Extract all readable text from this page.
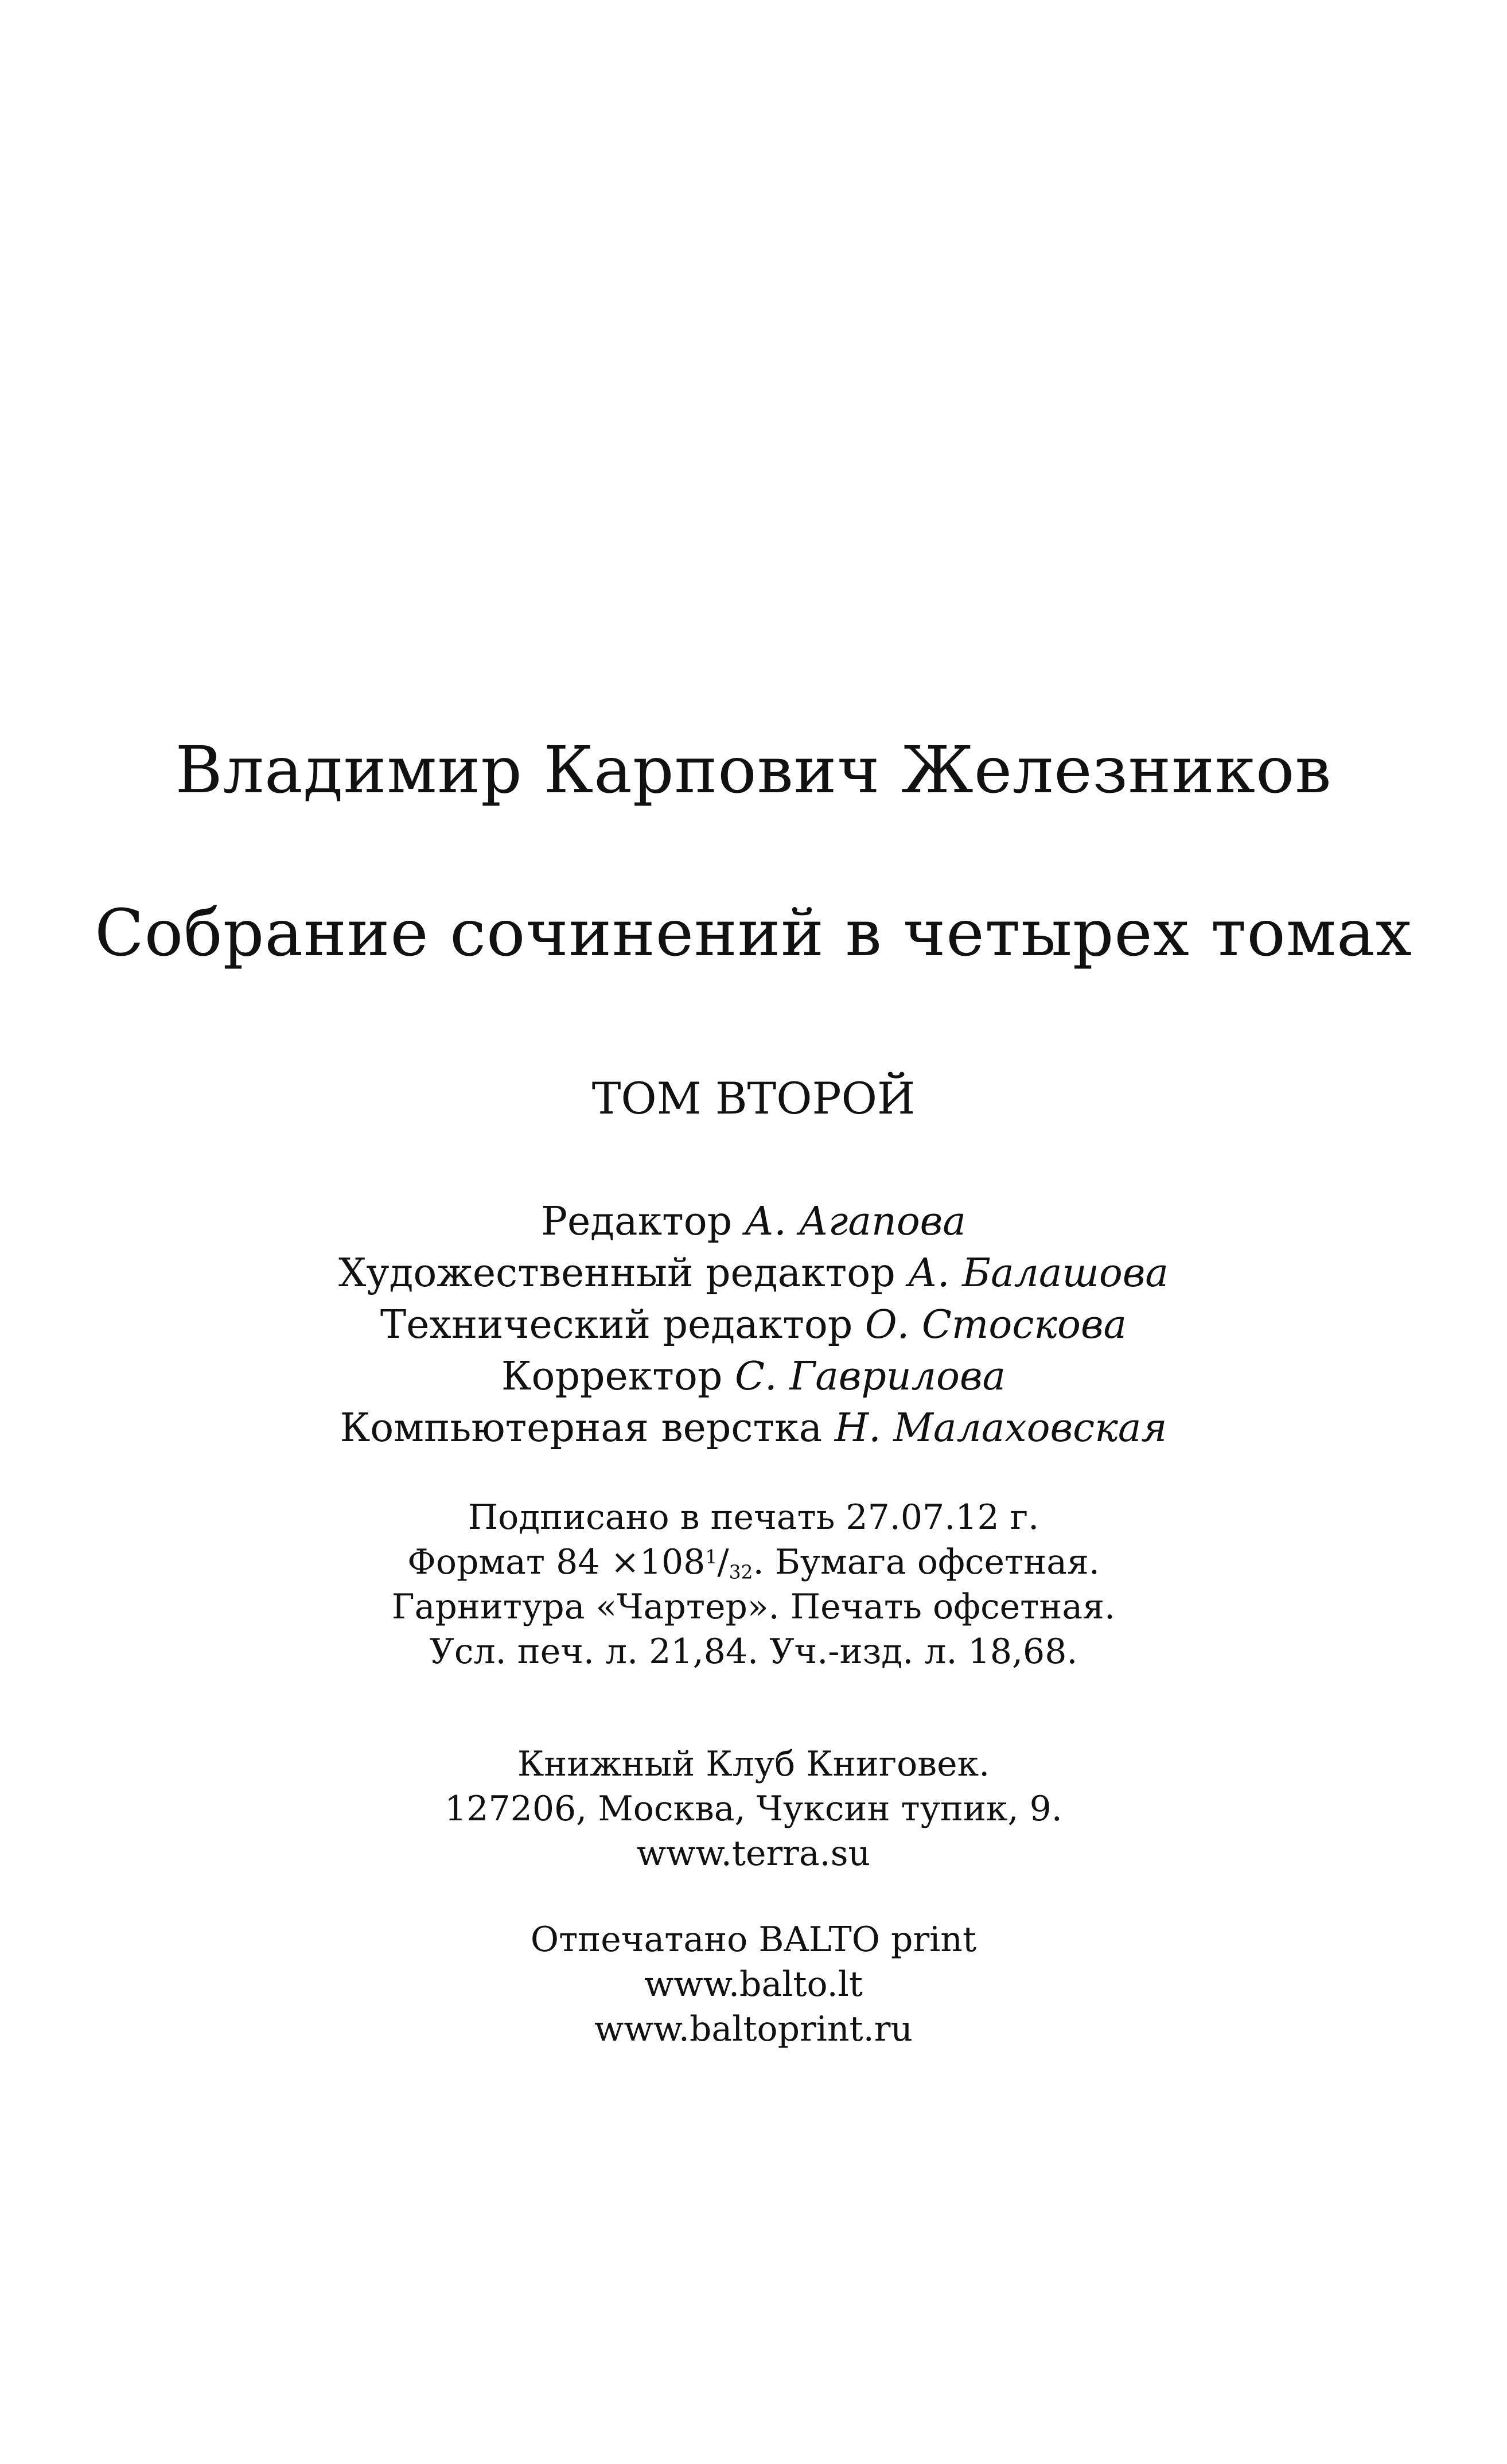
Владимир Карпович Железников
Собрание сочинений в четырех томах
ТОМ ВТОРОЙ
Редактор А. Агапова
Художественный редактор А. Балашова
Технический редактор О. Стоскова
Корректор С. Гаврилова
Компьютерная верстка Н. Малаховская
Подписано в печать 27.07.12 г.
Формат $84 \times 108^1/_{32}$. Бумага офсетная.
Гарнитура «Чартер». Печать офсетная.
Усл. печ. л. 21,84. Уч.-изд. л. 18,68.
Книжный Клуб Книговек.
127206, Москва, Чуксин тупик, 9.
www.terra.su
Отпечатано BALTO print
www.balto.lt
www.baltoprint.ru
